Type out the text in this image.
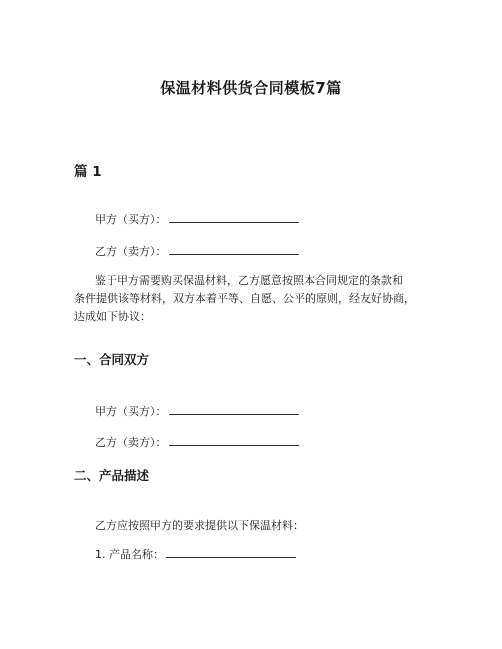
保温材料供货合同模板7篇
篇 1
甲方（买方）：
乙方（卖方）：
鉴于甲方需要购买保温材料，乙方愿意按照本合同规定的条款和
条件提供该等材料，双方本着平等、自愿、公平的原则，经友好协商，
达成如下协议：
一、合同双方
甲方（买方）：
乙方（卖方）：
二、产品描述
乙方应按照甲方的要求提供以下保温材料：
1. 产品名称：
